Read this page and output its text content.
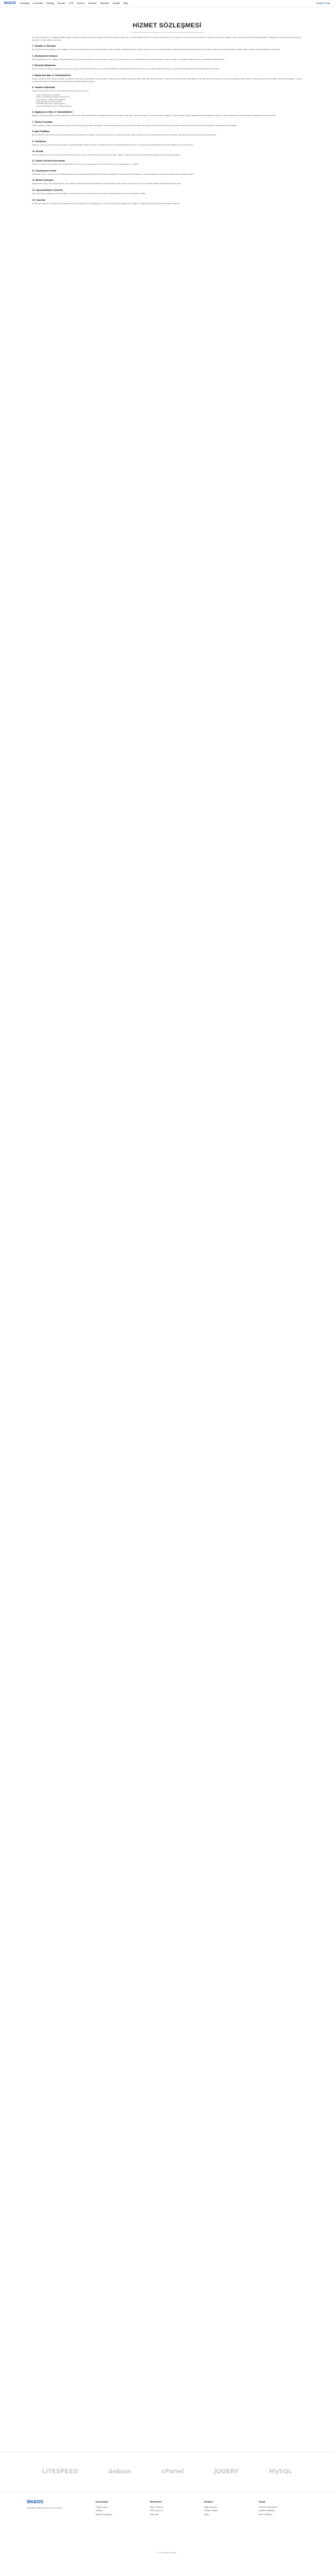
WebOS Anasayfa Kurumsal Hosting Domain VPS Sunucu Reseller Ekstralar Destek Blog	Müşteri Girişi
HİZMET SÖZLEŞMESİ

İşbu Hizmet Sözleşmesi, aşağıda belirtilen taraflar arasında, sözleşme konusu hizmetlerin sunulmasına ilişkin karşılıklı hak ve yükümlülükleri belirlemek amacıyla düzenlenmiş olup, müşterinin sipariş formunu onaylaması ile birlikte yürürlüğe girer. Müşteri, hizmet satın alma işlemini tamamladığında bu sözleşmenin tüm hükümlerini okuduğunu, anladığını ve kabul ettiğini beyan eder.

1. Taraflar ve Tanımlar

Bu sözleşmede hizmet sağlayıcı firma 'Sağlayıcı', hizmeti satın alan gerçek veya tüzel kişi 'Müşteri' olarak anılacaktır. Sözleşmede geçen hosting, alan adı, sunucu ve benzeri terimler, sektörde kabul gören genel anlamları ile yorumlanır. Müşteri, kayıt esnasında vermiş olduğu bilgilerin doğru ve güncel olduğunu taahhüt eder.

2. Sözleşmenin Konusu

İşbu sözleşmenin konusu, Sağlayıcı tarafından Müşteri'ye sunulan web barındırma, alan adı tescili, sanal sunucu, fiziksel sunucu ve bunlarla ilişkili ek hizmetlerin kapsamını, kullanım şartlarını ve tarafların karşılıklı hak ve yükümlülüklerini düzenlemektir.

3. Hizmetin Başlaması

Hizmet, ödemenin Sağlayıcı hesaplarına ulaşması ve sipariş kontrolünün tamamlanmasının ardından başlatılır. Kurulum bilgileri, Müşteri'nin kayıtlı e-posta adresine gönderilir. Müşteri, gönderilen erişim bilgilerinin güvenliğinden bizzat sorumludur.

4. Müşterinin Hak ve Yükümlülükleri

Müşteri, kendisine tahsis edilen kaynakları yürürlükteki mevzuata, genel ahlaka ve üçüncü kişilerin haklarına aykırı şekilde kullanmayacağını kabul eder. Spam gönderimi, zararlı yazılım barındırılması, telif haklarını ihlal eden içerik yayınlanması ve sunucu kaynaklarının aşırı kullanımı kesinlikle yasaktır. Bu kuralların ihlali halinde Sağlayıcı, hizmeti önceden bildirimde bulunmaksızın askıya alma veya sonlandırma hakkına sahiptir.

5. Yasaklı Kullanımlar

Aşağıda sayılan kullanımlar, hizmetin derhal askıya alınmasına sebep olur:

Toplu e-posta (spam) gönderimi
Kimlik avı (phishing) sayfaları barındırılması
Virüs, trojan ve zararlı yazılım dağıtımı
Yasa dışı bahis ve kumar içerikleri
Telif hakkı ihlali içeren dosya paylaşımı
Sunucu kaynaklarının aşırı ve kötüye kullanımı
6. Sağlayıcının Hak ve Yükümlülükleri

Sağlayıcı, hizmetin kesintisiz ve güvenli biçimde sunulması için makul teknik tedbirleri almakla yükümlüdür. Planlı bakım çalışmaları, mümkün olduğunca önceden duyurulur. Sağlayıcı, mücbir sebepler, altyapı sağlayıcılarından kaynaklanan arızalar ve Müşteri kaynaklı sorunlardan doğan kesintilerden sorumlu tutulamaz.

7. Ödeme Koşulları

Hizmet bedelleri, sipariş esnasında belirtilen ödeme dönemine göre peşin olarak tahsil edilir. Yenileme tarihinde ödemesi yapılmayan hizmetler askıya alınır; askı süresi içinde ödeme yapılmaması halinde hizmet silinir ve veriler kurtarılamaz. Fiyatlara KDV dahil değildir.

8. İade Politikası

Web hosting hizmetlerinde ilk 15 gün içerisinde koşulsuz iade hakkı bulunmaktadır. Alan adı tescil, transfer ve yenileme işlemleri, lisans ücretleri ve kurulum bedelleri iade kapsamı dışındadır. İade talepleri destek sistemi üzerinden iletilmelidir.

9. Yedekleme

Sağlayıcı, sistem genelinde periyodik yedekleme yapmakla birlikte, Müşteri verilerinin yedeklenmesinden nihai olarak Müşteri sorumludur. Veri kayıplarından doğabilecek zararlardan Sağlayıcı sorumlu tutulamaz.

10. Gizlilik

Taraflar, sözleşme süresince ve sonrasında birbirlerine ait ticari sırları ve kişisel verileri gizli tutmayı kabul eder. Sağlayıcı, yasal zorunluluklar dışında Müşteri bilgilerini üçüncü kişilerle paylaşmaz.

11. Kişisel Verilerin Korunması

Müşteri'ye ait kişisel veriler, 6698 sayılı Kişisel Verilerin Korunması Kanunu kapsamında, yalnızca hizmetin ifası amacıyla işlenir ve saklanır.

12. Sözleşmenin Feshi

Taraflardan her biri, sözleşmeyi yazılı bildirimde bulunmak kaydıyla feshedebilir. Müşteri'nin sözleşme hükümlerini ihlal etmesi halinde Sağlayıcı, sözleşmeyi derhal ve tazminatsız olarak feshetme hakkına sahiptir.

13. Mücbir Sebepler

Doğal afetler, savaş, terör, salgın hastalık, genel elektrik ve iletişim kesintileri gibi tarafların kontrolü dışındaki olaylar mücbir sebep sayılır ve bu süre zarfında tarafların yükümlülükleri askıya alınır.

14. Uyuşmazlıkların Çözümü

İşbu sözleşmeden doğabilecek uyuşmazlıkların çözümünde Türkiye Cumhuriyeti kanunları uygulanır; İstanbul Mahkemeleri ve İcra Daireleri yetkilidir.

15. Yürürlük

Bu sözleşme, Müşteri'nin sipariş formunu elektronik ortamda onaylaması ile yürürlüğe girer ve hizmet süresince geçerliliğini korur. Sağlayıcı, sözleşme hükümlerini güncelleme hakkını saklı tutar.

LITESPEED	debian	cPanel	jQUERY	MySQL
WebOS
Güvenilir hosting ve sunucu çözümleri
Kurumsal
Hakkımızda
İletişim
Banka Hesapları
Hizmetler
Web Hosting
VPS Sunucu
Alan Adı
Destek
Bilgi Bankası
Destek Talebi
Blog
Yasal
Hizmet Sözleşmesi
Gizlilik Politikası
İade Politikası
© Tüm hakları saklıdır.
